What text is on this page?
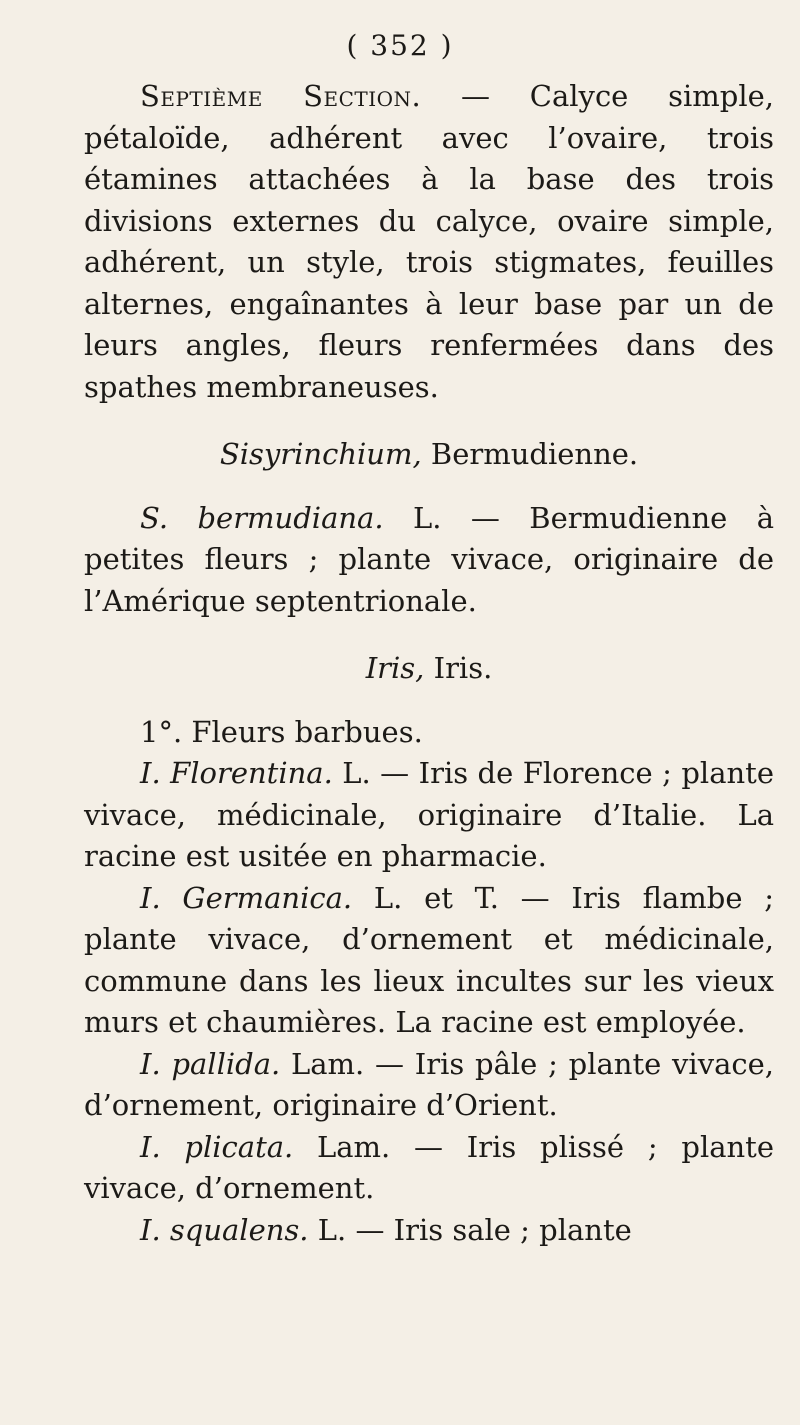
( 352 )

Septième Section. — Calyce simple, pétaloïde, adhérent avec l’ovaire, trois étamines attachées à la base des trois divisions externes du calyce, ovaire simple, adhérent, un style, trois stigmates, feuilles alternes, engaînantes à leur base par un de leurs angles, fleurs renfermées dans des spathes membraneuses.

Sisyrinchium, Bermudienne.

S. bermudiana. L. — Bermudienne à petites fleurs ; plante vivace, originaire de l’Amérique septentrionale.

Iris, Iris.

1°. Fleurs barbues.

I. Florentina. L. — Iris de Florence ; plante vivace, médicinale, originaire d’Italie. La racine est usitée en pharmacie.

I. Germanica. L. et T. — Iris flambe ; plante vivace, d’ornement et médicinale, commune dans les lieux incultes sur les vieux murs et chaumières. La racine est employée.

I. pallida. Lam. — Iris pâle ; plante vivace, d’ornement, originaire d’Orient.

I. plicata. Lam. — Iris plissé ; plante vivace, d’ornement.

I. squalens. L. — Iris sale ; plante
